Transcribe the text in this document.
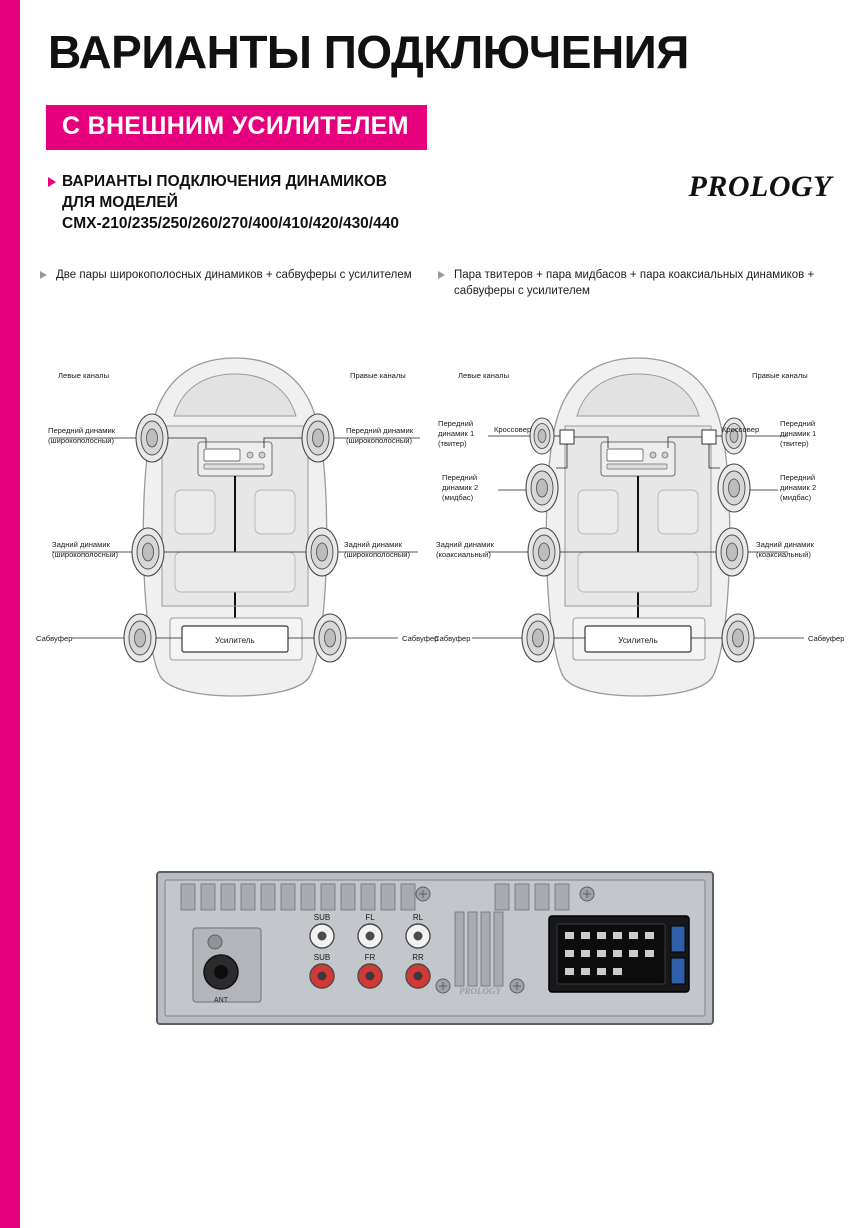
ВАРИАНТЫ ПОДКЛЮЧЕНИЯ
С ВНЕШНИМ УСИЛИТЕЛЕМ
ВАРИАНТЫ ПОДКЛЮЧЕНИЯ ДИНАМИКОВ
ДЛЯ МОДЕЛЕЙ
CMX-210/235/250/260/270/400/410/420/430/440
PROLOGY
Две пары широкополосных динамиков + сабвуферы с усилителем	Пара твитеров + пара мидбасов + пара коаксиальных динамиков + сабвуферы с усилителем
Усилитель
Левые каналы	Правые каналы
Передний динамик
(широкополосный)
Передний динамик
(широкополосный)
Задний динамик
(широкополосный)
Задний динамик
(широкополосный)
Сабвуфер	Сабвуфер	Усилитель
Левые каналы	Правые каналы
Передний
динамик 1
(твитер)
Кроссовер	Кроссовер
Передний
динамик 1
(твитер)
Передний
динамик 2
(мидбас)
Передний
динамик 2
(мидбас)
Задний динамик
(коаксиальный)
Задний динамик
(коаксиальный)
Сабвуфер	Сабвуфер
ANT
SUB	FL	RL
SUB	FR	RR
PROLOGY
